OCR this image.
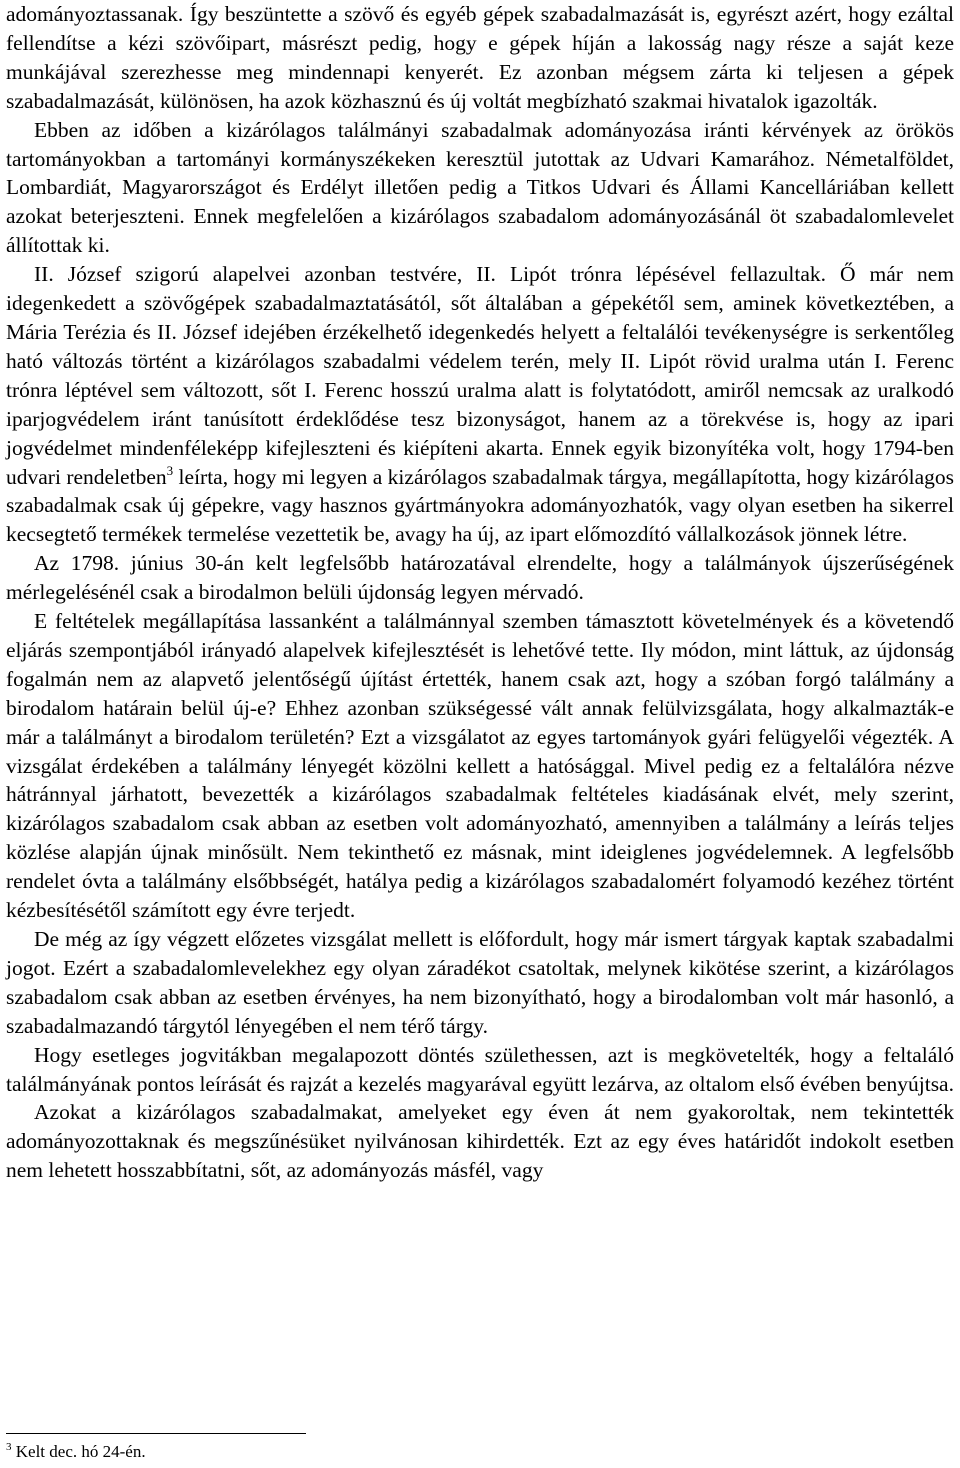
adományoztassanak. Így beszüntette a szövő és egyéb gépek szabadalmazását is, egyrészt azért, hogy ezáltal fellendítse a kézi szövőipart, másrészt pedig, hogy e gépek híján a lakosság nagy része a saját keze munkájával szerezhesse meg mindennapi kenyerét. Ez azonban mégsem zárta ki teljesen a gépek szabadalmazását, különösen, ha azok közhasznú és új voltát megbízható szakmai hivatalok igazolták.

Ebben az időben a kizárólagos találmányi szabadalmak adományozása iránti kérvények az örökös tartományokban a tartományi kormányszékeken keresztül jutottak az Udvari Kamarához. Németalföldet, Lombardiát, Magyarországot és Erdélyt illetően pedig a Titkos Udvari és Állami Kancelláriában kellett azokat beterjeszteni. Ennek megfelelően a kizárólagos szabadalom adományozásánál öt szabadalomlevelet állítottak ki.

II. József szigorú alapelvei azonban testvére, II. Lipót trónra lépésével fellazultak. Ő már nem idegenkedett a szövőgépek szabadalmaztatásától, sőt általában a gépekétől sem, aminek következtében, a Mária Terézia és II. József idejében érzékelhető idegenkedés helyett a feltalálói tevékenységre is serkentőleg ható változás történt a kizárólagos szabadalmi védelem terén, mely II. Lipót rövid uralma után I. Ferenc trónra léptével sem változott, sőt I. Ferenc hosszú uralma alatt is folytatódott, amiről nemcsak az uralkodó iparjogvédelem iránt tanúsított érdeklődése tesz bizonyságot, hanem az a törekvése is, hogy az ipari jogvédelmet mindenféleképp kifejleszteni és kiépíteni akarta. Ennek egyik bizonyítéka volt, hogy 1794-ben udvari rendeletben$^3$ leírta, hogy mi legyen a kizárólagos szabadalmak tárgya, megállapította, hogy kizárólagos szabadalmak csak új gépekre, vagy hasznos gyártmányokra adományozhatók, vagy olyan esetben ha sikerrel kecsegtető termékek termelése vezettetik be, avagy ha új, az ipart előmozdító vállalkozások jönnek létre.

Az 1798. június 30-án kelt legfelsőbb határozatával elrendelte, hogy a találmányok újszerűségének mérlegelésénél csak a birodalmon belüli újdonság legyen mérvadó.

E feltételek megállapítása lassanként a találmánnyal szemben támasztott követelmények és a követendő eljárás szempontjából irányadó alapelvek kifejlesztését is lehetővé tette. Ily módon, mint láttuk, az újdonság fogalmán nem az alapvető jelentőségű újítást értették, hanem csak azt, hogy a szóban forgó találmány a birodalom határain belül új-e? Ehhez azonban szükségessé vált annak felülvizsgálata, hogy alkalmazták-e már a találmányt a birodalom területén? Ezt a vizsgálatot az egyes tartományok gyári felügyelői végezték. A vizsgálat érdekében a találmány lényegét közölni kellett a hatósággal. Mivel pedig ez a feltalálóra nézve hátránnyal járhatott, bevezették a kizárólagos szabadalmak feltételes kiadásának elvét, mely szerint, kizárólagos szabadalom csak abban az esetben volt adományozható, amennyiben a találmány a leírás teljes közlése alapján újnak minősült. Nem tekinthető ez másnak, mint ideiglenes jogvédelemnek. A legfelsőbb rendelet óvta a találmány elsőbbségét, hatálya pedig a kizárólagos szabadalomért folyamodó kezéhez történt kézbesítésétől számított egy évre terjedt.

De még az így végzett előzetes vizsgálat mellett is előfordult, hogy már ismert tárgyak kaptak szabadalmi jogot. Ezért a szabadalomlevelekhez egy olyan záradékot csatoltak, melynek kikötése szerint, a kizárólagos szabadalom csak abban az esetben érvényes, ha nem bizonyítható, hogy a birodalomban volt már hasonló, a szabadalmazandó tárgytól lényegében el nem térő tárgy.

Hogy esetleges jogvitákban megalapozott döntés születhessen, azt is megkövetelték, hogy a feltaláló találmányának pontos leírását és rajzát a kezelés magyarával együtt lezárva, az oltalom első évében benyújtsa.

Azokat a kizárólagos szabadalmakat, amelyeket egy éven át nem gyakoroltak, nem tekintették adományozottaknak és megszűnésüket nyilvánosan kihirdették. Ezt az egy éves határidőt indokolt esetben nem lehetett hosszabbítatni, sőt, az adományozás másfél, vagy

$^3$ Kelt dec. hó 24-én.
